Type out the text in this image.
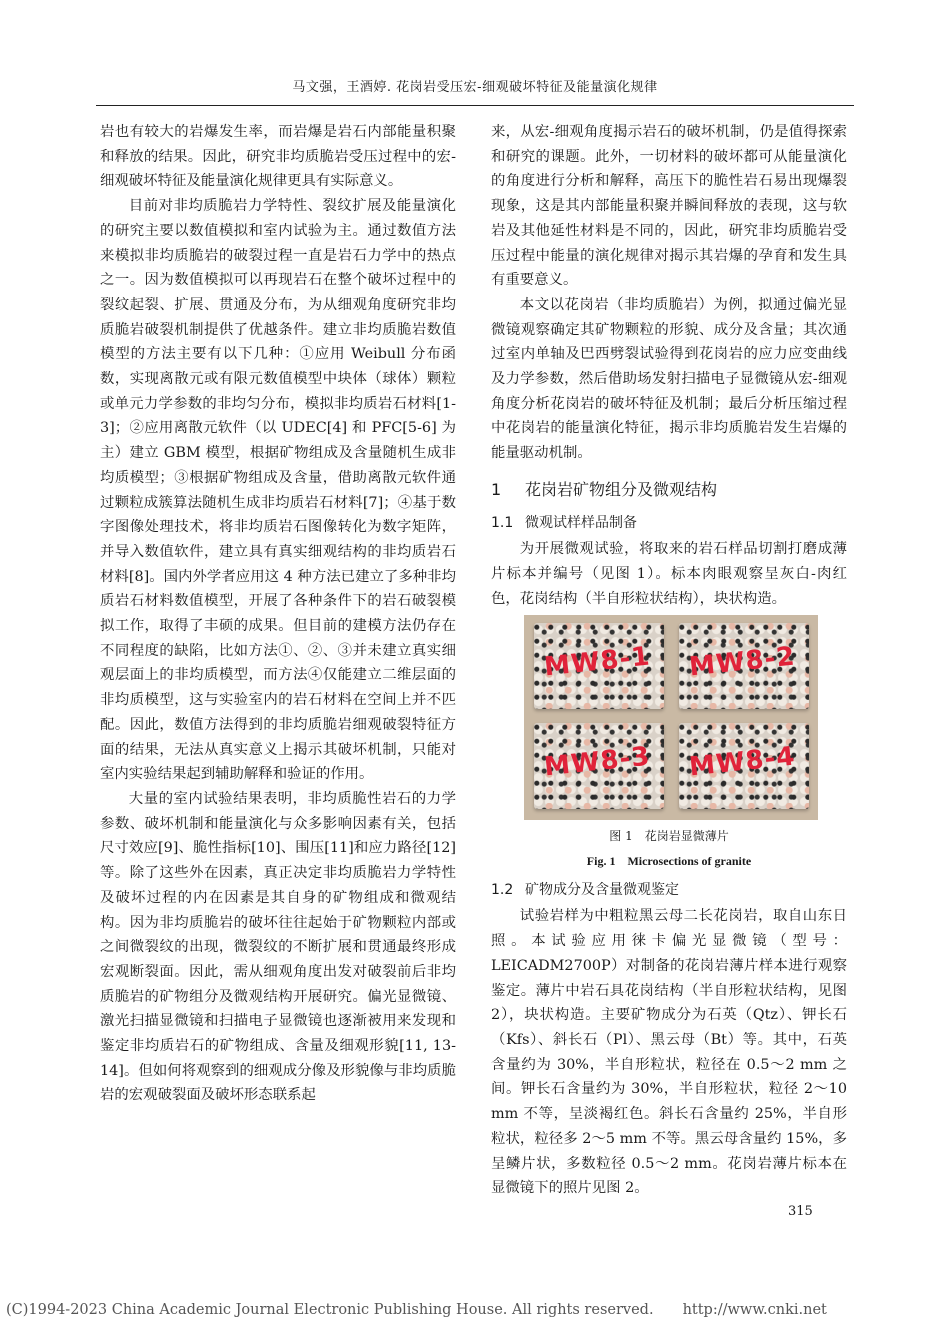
马文强，王酒婷. 花岗岩受压宏-细观破坏特征及能量演化规律

岩也有较大的岩爆发生率，而岩爆是岩石内部能量积聚和释放的结果。因此，研究非均质脆岩受压过程中的宏-细观破坏特征及能量演化规律更具有实际意义。

目前对非均质脆岩力学特性、裂纹扩展及能量演化的研究主要以数值模拟和室内试验为主。通过数值方法来模拟非均质脆岩的破裂过程一直是岩石力学中的热点之一。因为数值模拟可以再现岩石在整个破坏过程中的裂纹起裂、扩展、贯通及分布，为从细观角度研究非均质脆岩破裂机制提供了优越条件。建立非均质脆岩数值模型的方法主要有以下几种：①应用 Weibull 分布函数，实现离散元或有限元数值模型中块体（球体）颗粒或单元力学参数的非均匀分布，模拟非均质岩石材料[1-3]；②应用离散元软件（以 UDEC[4] 和 PFC[5-6] 为主）建立 GBM 模型，根据矿物组成及含量随机生成非均质模型；③根据矿物组成及含量，借助离散元软件通过颗粒成簇算法随机生成非均质岩石材料[7]；④基于数字图像处理技术，将非均质岩石图像转化为数字矩阵，并导入数值软件，建立具有真实细观结构的非均质岩石材料[8]。国内外学者应用这 4 种方法已建立了多种非均质岩石材料数值模型，开展了各种条件下的岩石破裂模拟工作，取得了丰硕的成果。但目前的建模方法仍存在不同程度的缺陷，比如方法①、②、③并未建立真实细观层面上的非均质模型，而方法④仅能建立二维层面的非均质模型，这与实验室内的岩石材料在空间上并不匹配。因此，数值方法得到的非均质脆岩细观破裂特征方面的结果，无法从真实意义上揭示其破坏机制，只能对室内实验结果起到辅助解释和验证的作用。

大量的室内试验结果表明，非均质脆性岩石的力学参数、破坏机制和能量演化与众多影响因素有关，包括尺寸效应[9]、脆性指标[10]、围压[11]和应力路径[12]等。除了这些外在因素，真正决定非均质脆岩力学特性及破坏过程的内在因素是其自身的矿物组成和微观结构。因为非均质脆岩的破坏往往起始于矿物颗粒内部或之间微裂纹的出现，微裂纹的不断扩展和贯通最终形成宏观断裂面。因此，需从细观角度出发对破裂前后非均质脆岩的矿物组分及微观结构开展研究。偏光显微镜、激光扫描显微镜和扫描电子显微镜也逐渐被用来发现和鉴定非均质岩石的矿物组成、含量及细观形貌[11, 13-14]。但如何将观察到的细观成分像及形貌像与非均质脆岩的宏观破裂面及破坏形态联系起

来，从宏-细观角度揭示岩石的破坏机制，仍是值得探索和研究的课题。此外，一切材料的破坏都可从能量演化的角度进行分析和解释，高压下的脆性岩石易出现爆裂现象，这是其内部能量积聚并瞬间释放的表现，这与软岩及其他延性材料是不同的，因此，研究非均质脆岩受压过程中能量的演化规律对揭示其岩爆的孕育和发生具有重要意义。

本文以花岗岩（非均质脆岩）为例，拟通过偏光显微镜观察确定其矿物颗粒的形貌、成分及含量；其次通过室内单轴及巴西劈裂试验得到花岗岩的应力应变曲线及力学参数，然后借助场发射扫描电子显微镜从宏-细观角度分析花岗岩的破坏特征及机制；最后分析压缩过程中花岗岩的能量演化特征，揭示非均质脆岩发生岩爆的能量驱动机制。

1 花岗岩矿物组分及微观结构
1.1 微观试样样品制备

为开展微观试验，将取来的岩石样品切割打磨成薄片标本并编号（见图 1）。标本肉眼观察呈灰白-肉红色，花岗结构（半自形粒状结构），块状构造。

MW8-1 MW8-2
MW8-3 MW8-4
图 1　花岗岩显微薄片
Fig. 1　Microsections of granite
1.2 矿物成分及含量微观鉴定

试验岩样为中粗粒黑云母二长花岗岩，取自山东日照。本试验应用徕卡偏光显微镜（型号：LEICADM2700P）对制备的花岗岩薄片样本进行观察鉴定。薄片中岩石具花岗结构（半自形粒状结构，见图 2），块状构造。主要矿物成分为石英（Qtz）、钾长石（Kfs）、斜长石（Pl）、黑云母（Bt）等。其中，石英含量约为 30%，半自形粒状，粒径在 0.5～2 mm 之间。钾长石含量约为 30%，半自形粒状，粒径 2～10 mm 不等，呈淡褐红色。斜长石含量约 25%，半自形粒状，粒径多 2～5 mm 不等。黑云母含量约 15%，多呈鳞片状，多数粒径 0.5～2 mm。花岗岩薄片标本在显微镜下的照片见图 2。

315
(C)1994-2023 China Academic Journal Electronic Publishing House. All rights reserved.　　http://www.cnki.net
